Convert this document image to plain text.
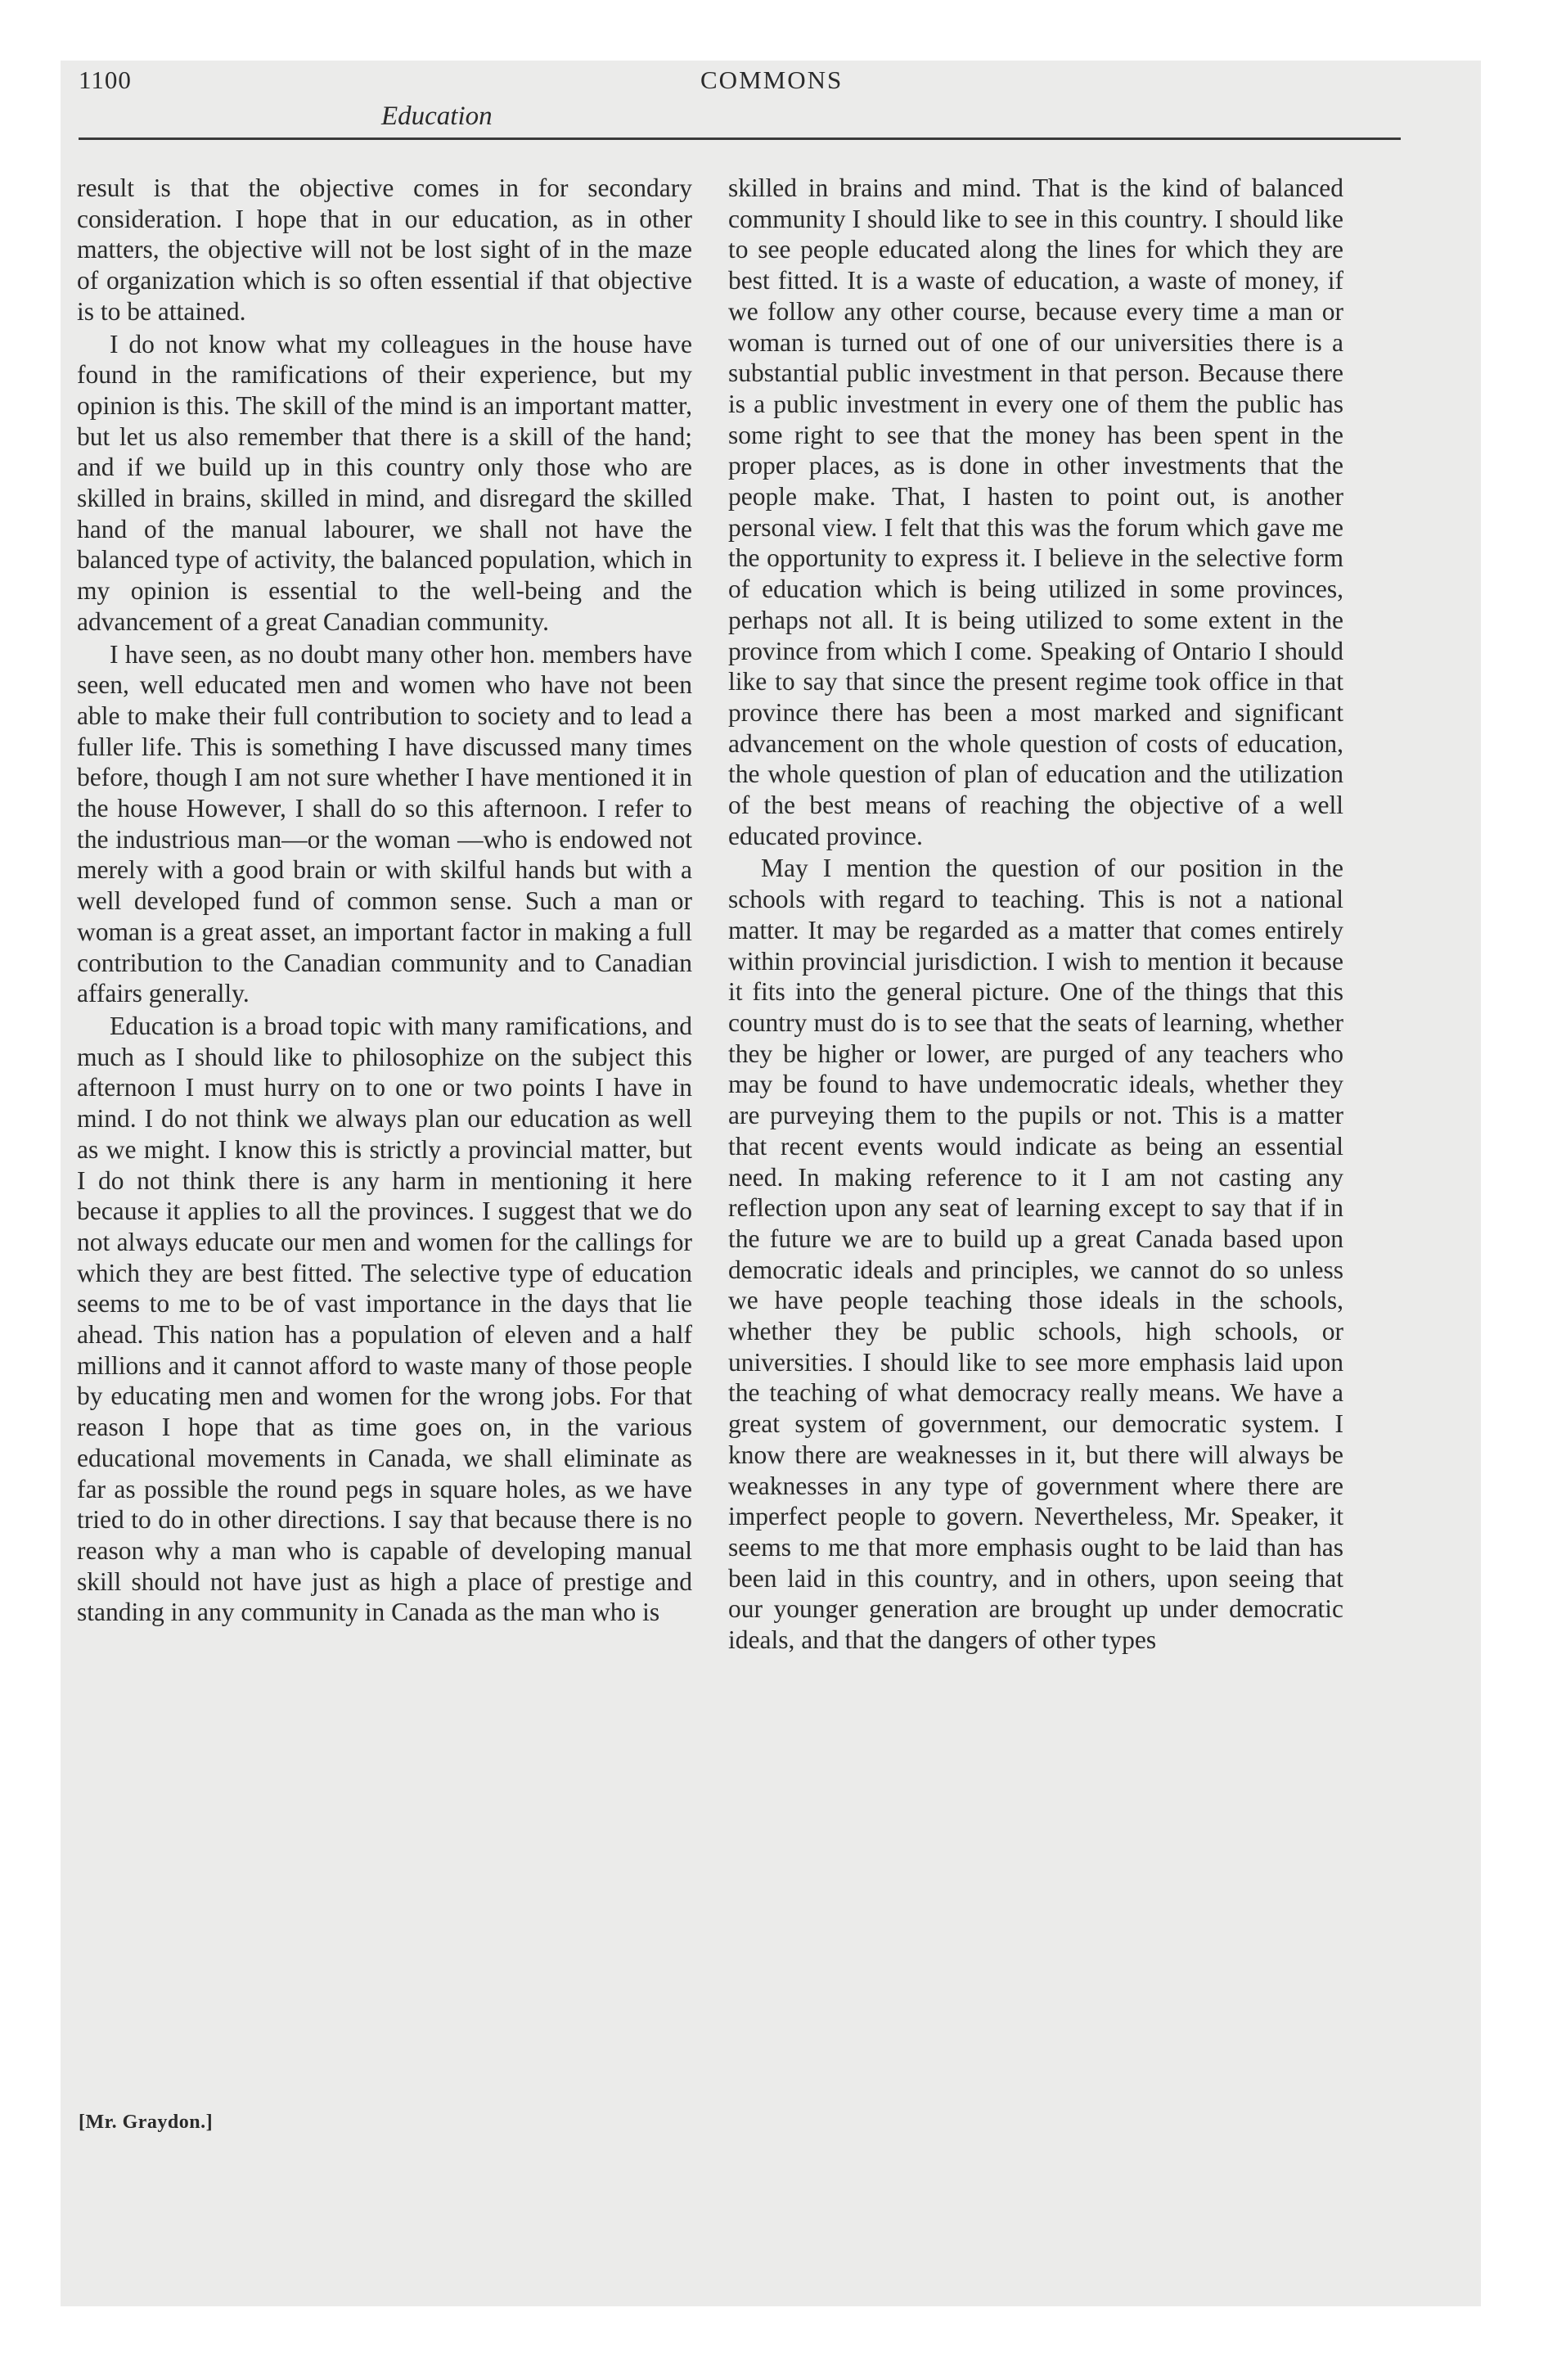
1100	COMMONS
Education

result is that the objective comes in for secondary consideration. I hope that in our education, as in other matters, the objective will not be lost sight of in the maze of organization which is so often essential if that objective is to be attained.

I do not know what my colleagues in the house have found in the ramifications of their experience, but my opinion is this. The skill of the mind is an important matter, but let us also remember that there is a skill of the hand; and if we build up in this country only those who are skilled in brains, skilled in mind, and disregard the skilled hand of the manual labourer, we shall not have the balanced type of activity, the balanced population, which in my opinion is essential to the well-being and the advancement of a great Canadian community.

I have seen, as no doubt many other hon. members have seen, well educated men and women who have not been able to make their full contribution to society and to lead a fuller life. This is something I have discussed many times before, though I am not sure whether I have mentioned it in the house However, I shall do so this afternoon. I refer to the industrious man—or the woman —who is endowed not merely with a good brain or with skilful hands but with a well developed fund of common sense. Such a man or woman is a great asset, an important factor in making a full contribution to the Canadian community and to Canadian affairs generally.

Education is a broad topic with many ramifications, and much as I should like to philosophize on the subject this afternoon I must hurry on to one or two points I have in mind. I do not think we always plan our education as well as we might. I know this is strictly a provincial matter, but I do not think there is any harm in mentioning it here because it applies to all the provinces. I suggest that we do not always educate our men and women for the callings for which they are best fitted. The selective type of education seems to me to be of vast importance in the days that lie ahead. This nation has a population of eleven and a half millions and it cannot afford to waste many of those people by educating men and women for the wrong jobs. For that reason I hope that as time goes on, in the various educational movements in Canada, we shall eliminate as far as possible the round pegs in square holes, as we have tried to do in other directions. I say that because there is no reason why a man who is capable of developing manual skill should not have just as high a place of prestige and standing in any community in Canada as the man who is

skilled in brains and mind. That is the kind of balanced community I should like to see in this country. I should like to see people educated along the lines for which they are best fitted. It is a waste of education, a waste of money, if we follow any other course, because every time a man or woman is turned out of one of our universities there is a substantial public investment in that person. Because there is a public investment in every one of them the public has some right to see that the money has been spent in the proper places, as is done in other investments that the people make. That, I hasten to point out, is another personal view. I felt that this was the forum which gave me the opportunity to express it. I believe in the selective form of education which is being utilized in some provinces, perhaps not all. It is being utilized to some extent in the province from which I come. Speaking of Ontario I should like to say that since the present regime took office in that province there has been a most marked and significant advancement on the whole question of costs of education, the whole question of plan of education and the utilization of the best means of reaching the objective of a well educated province.

May I mention the question of our position in the schools with regard to teaching. This is not a national matter. It may be regarded as a matter that comes entirely within provincial jurisdiction. I wish to mention it because it fits into the general picture. One of the things that this country must do is to see that the seats of learning, whether they be higher or lower, are purged of any teachers who may be found to have undemocratic ideals, whether they are purveying them to the pupils or not. This is a matter that recent events would indicate as being an essential need. In making reference to it I am not casting any reflection upon any seat of learning except to say that if in the future we are to build up a great Canada based upon democratic ideals and principles, we cannot do so unless we have people teaching those ideals in the schools, whether they be public schools, high schools, or universities. I should like to see more emphasis laid upon the teaching of what democracy really means. We have a great system of government, our democratic system. I know there are weaknesses in it, but there will always be weaknesses in any type of government where there are imperfect people to govern. Nevertheless, Mr. Speaker, it seems to me that more emphasis ought to be laid than has been laid in this country, and in others, upon seeing that our younger generation are brought up under democratic ideals, and that the dangers of other types

[Mr. Graydon.]
